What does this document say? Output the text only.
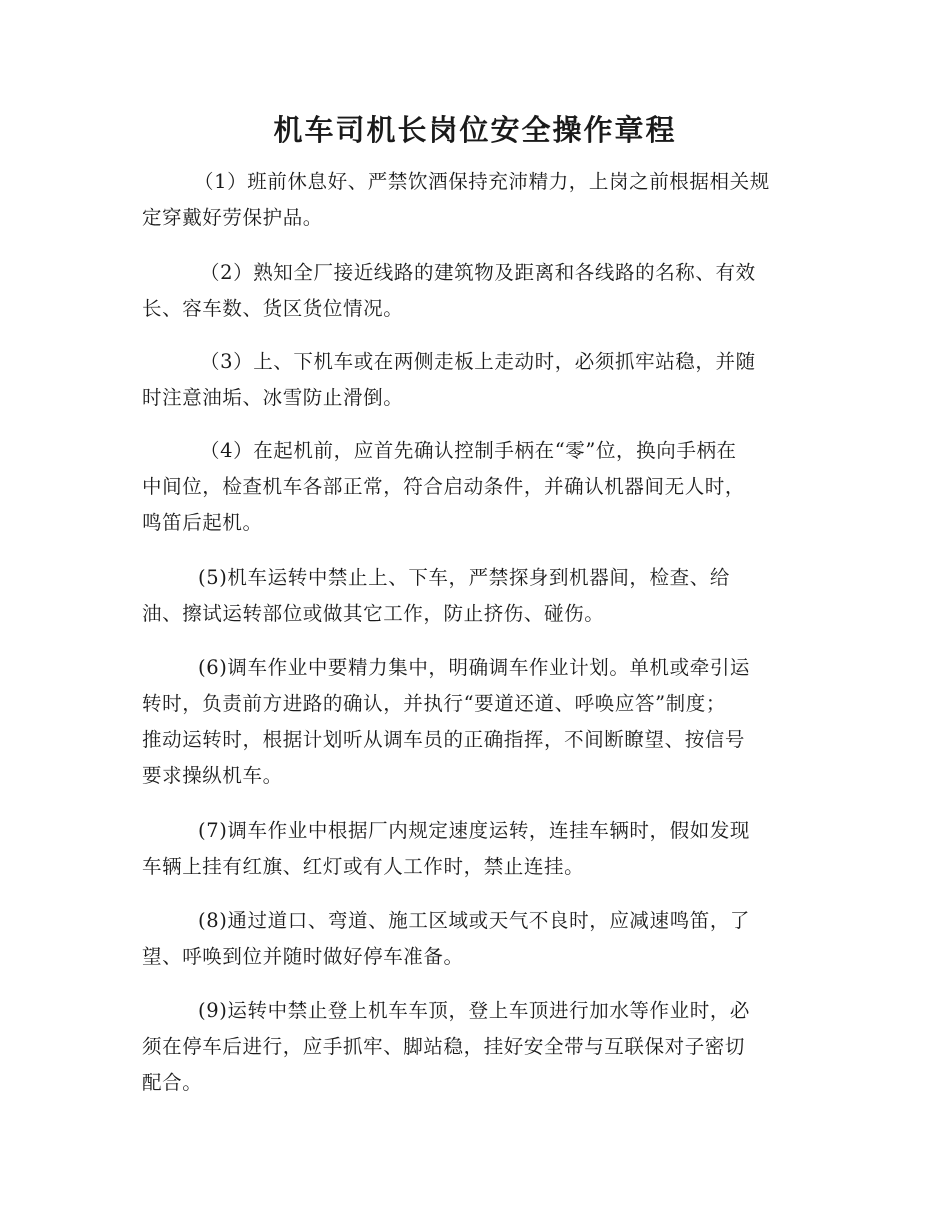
机车司机长岗位安全操作章程

（1）班前休息好、严禁饮酒保持充沛精力，上岗之前根据相关规
定穿戴好劳保护品。

（2）熟知全厂接近线路的建筑物及距离和各线路的名称、有效
长、容车数、货区货位情况。

（3）上、下机车或在两侧走板上走动时，必须抓牢站稳，并随
时注意油垢、冰雪防止滑倒。

（4）在起机前，应首先确认控制手柄在“零”位，换向手柄在
中间位，检查机车各部正常，符合启动条件，并确认机器间无人时，
鸣笛后起机。

(5)机车运转中禁止上、下车，严禁探身到机器间，检查、给
油、擦试运转部位或做其它工作，防止挤伤、碰伤。

(6)调车作业中要精力集中，明确调车作业计划。单机或牵引运
转时，负责前方进路的确认，并执行“要道还道、呼唤应答”制度；
推动运转时，根据计划听从调车员的正确指挥，不间断瞭望、按信号
要求操纵机车。

(7)调车作业中根据厂内规定速度运转，连挂车辆时，假如发现
车辆上挂有红旗、红灯或有人工作时，禁止连挂。

(8)通过道口、弯道、施工区域或天气不良时，应减速鸣笛，了
望、呼唤到位并随时做好停车准备。

(9)运转中禁止登上机车车顶，登上车顶进行加水等作业时，必
须在停车后进行，应手抓牢、脚站稳，挂好安全带与互联保对子密切
配合。
